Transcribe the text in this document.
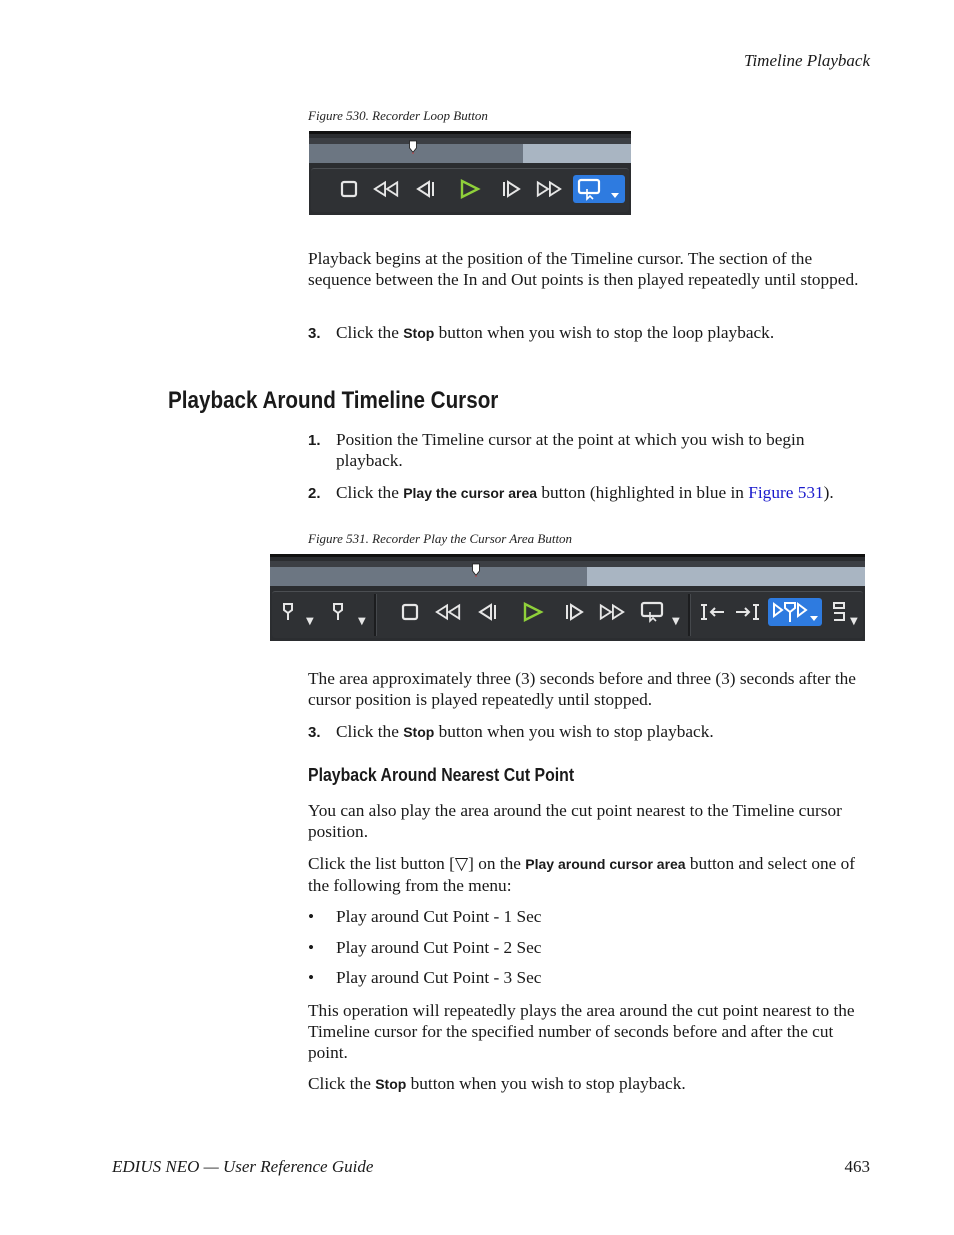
Timeline Playback
Figure 530. Recorder Loop Button
Playback begins at the position of the Timeline cursor. The section of the sequence between the In and Out points is then played repeatedly until stopped.
3. Click the Stop button when you wish to stop the loop playback.
Playback Around Timeline Cursor
1. Position the Timeline cursor at the point at which you wish to begin playback.
2. Click the Play the cursor area button (highlighted in blue in Figure 531).
Figure 531. Recorder Play the Cursor Area Button
▼	▼	▼	▼
The area approximately three (3) seconds before and three (3) seconds after the cursor position is played repeatedly until stopped.
3. Click the Stop button when you wish to stop playback.
Playback Around Nearest Cut Point
You can also play the area around the cut point nearest to the Timeline cursor position.
Click the list button [▽] on the Play around cursor area button and select one of the following from the menu:
• Play around Cut Point - 1 Sec
• Play around Cut Point - 2 Sec
• Play around Cut Point - 3 Sec
This operation will repeatedly plays the area around the cut point nearest to the Timeline cursor for the specified number of seconds before and after the cut point.
Click the Stop button when you wish to stop playback.
EDIUS NEO — User Reference Guide	463
